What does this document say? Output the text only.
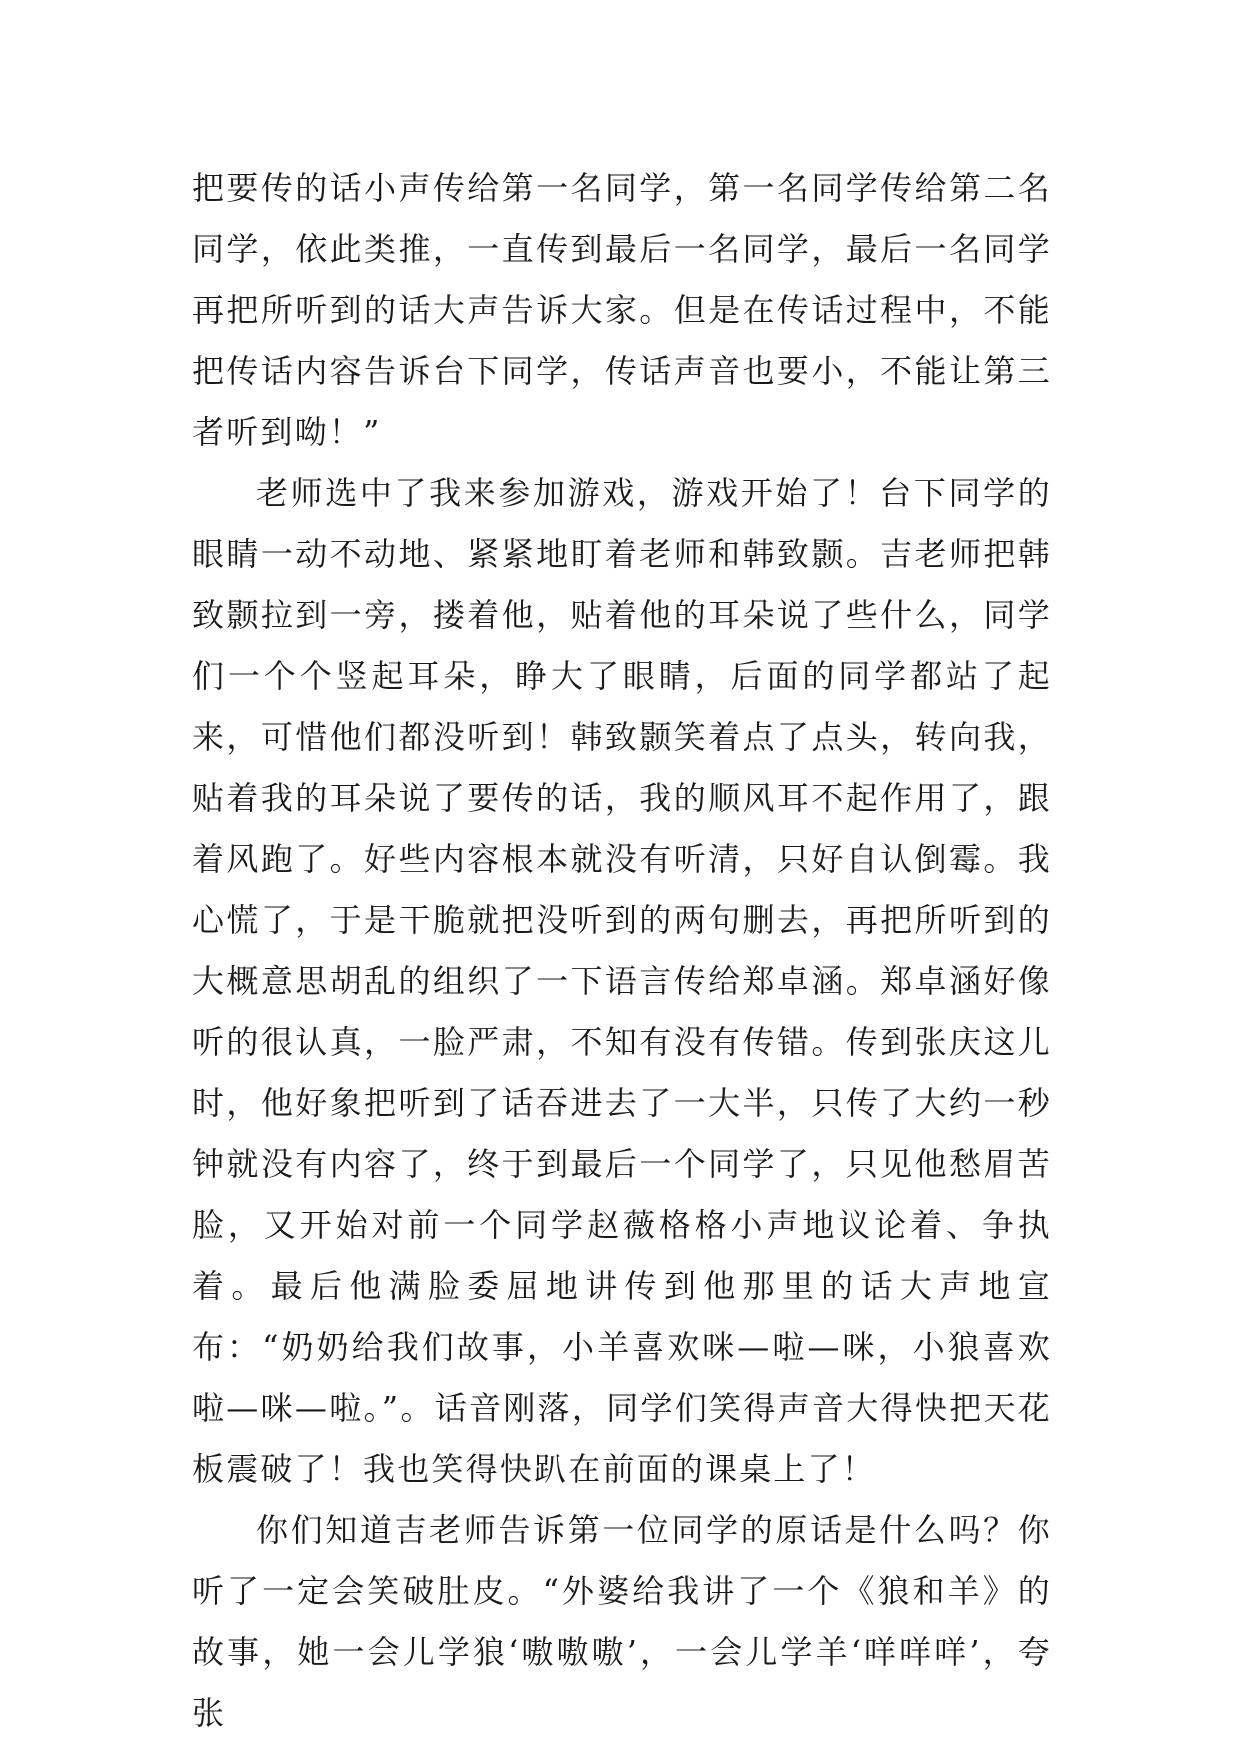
把要传的话小声传给第一名同学，第一名同学传给第二名同学，依此类推，一直传到最后一名同学，最后一名同学再把所听到的话大声告诉大家。但是在传话过程中，不能把传话内容告诉台下同学，传话声音也要小，不能让第三者听到呦！”

老师选中了我来参加游戏，游戏开始了！台下同学的眼睛一动不动地、紧紧地盯着老师和韩致颢。吉老师把韩致颢拉到一旁，搂着他，贴着他的耳朵说了些什么，同学们一个个竖起耳朵，睁大了眼睛，后面的同学都站了起来，可惜他们都没听到！韩致颢笑着点了点头，转向我，贴着我的耳朵说了要传的话，我的顺风耳不起作用了，跟着风跑了。好些内容根本就没有听清，只好自认倒霉。我心慌了，于是干脆就把没听到的两句删去，再把所听到的大概意思胡乱的组织了一下语言传给郑卓涵。郑卓涵好像听的很认真，一脸严肃，不知有没有传错。传到张庆这儿时，他好象把听到了话吞进去了一大半，只传了大约一秒钟就没有内容了，终于到最后一个同学了，只见他愁眉苦脸，又开始对前一个同学赵薇格格小声地议论着、争执着。最后他满脸委屈地讲传到他那里的话大声地宣布：“奶奶给我们故事，小羊喜欢咪—啦—咪，小狼喜欢啦—咪—啦。”。话音刚落，同学们笑得声音大得快把天花板震破了！我也笑得快趴在前面的课桌上了！

你们知道吉老师告诉第一位同学的原话是什么吗？你听了一定会笑破肚皮。“外婆给我讲了一个《狼和羊》的故事，她一会儿学狼‘嗷嗷嗷’，一会儿学羊‘咩咩咩’，夸张
